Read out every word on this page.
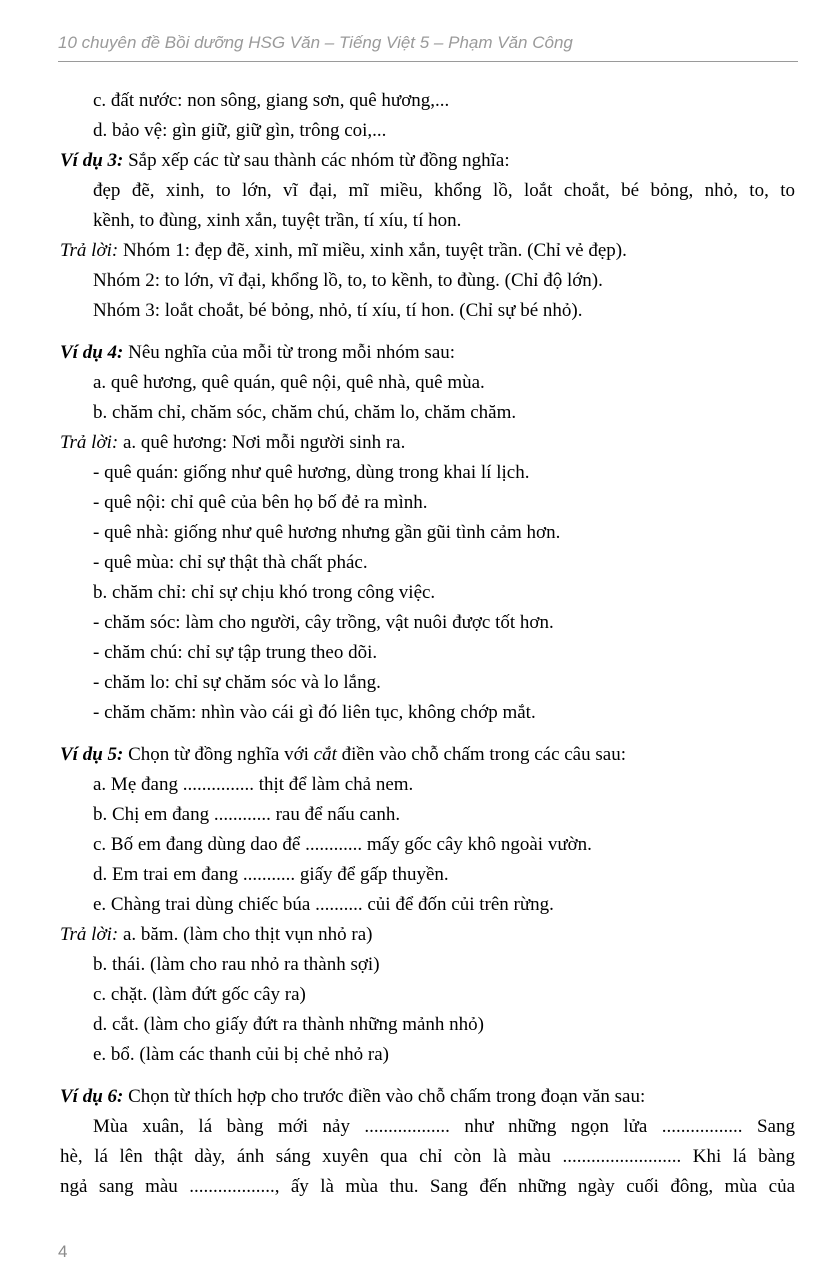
10 chuyên đề Bồi dưỡng HSG Văn – Tiếng Việt 5 – Phạm Văn Công
c. đất nước: non sông, giang sơn, quê hương,...
d. bảo vệ: gìn giữ, giữ gìn, trông coi,...
Ví dụ 3: Sắp xếp các từ sau thành các nhóm từ đồng nghĩa:
đẹp đẽ, xinh, to lớn, vĩ đại, mĩ miều, khổng lồ, loắt choắt, bé bỏng, nhỏ, to, to
kềnh, to đùng, xinh xắn, tuyệt trần, tí xíu, tí hon.
Trả lời: Nhóm 1: đẹp đẽ, xinh, mĩ miều, xinh xắn, tuyệt trần. (Chỉ vẻ đẹp).
Nhóm 2: to lớn, vĩ đại, khổng lồ, to, to kềnh, to đùng. (Chỉ độ lớn).
Nhóm 3: loắt choắt, bé bỏng, nhỏ, tí xíu, tí hon. (Chỉ sự bé nhỏ).
Ví dụ 4: Nêu nghĩa của mỗi từ trong mỗi nhóm sau:
a. quê hương, quê quán, quê nội, quê nhà, quê mùa.
b. chăm chỉ, chăm sóc, chăm chú, chăm lo, chăm chăm.
Trả lời: a. quê hương: Nơi mỗi người sinh ra.
- quê quán: giống như quê hương, dùng trong khai lí lịch.
- quê nội: chỉ quê của bên họ bố đẻ ra mình.
- quê nhà: giống như quê hương nhưng gần gũi tình cảm hơn.
- quê mùa: chỉ sự thật thà chất phác.
b. chăm chỉ: chỉ sự chịu khó trong công việc.
- chăm sóc: làm cho người, cây trồng, vật nuôi được tốt hơn.
- chăm chú: chỉ sự tập trung theo dõi.
- chăm lo: chỉ sự chăm sóc và lo lắng.
- chăm chăm: nhìn vào cái gì đó liên tục, không chớp mắt.
Ví dụ 5: Chọn từ đồng nghĩa với cắt điền vào chỗ chấm trong các câu sau:
a. Mẹ đang ............... thịt để làm chả nem.
b. Chị em đang ............ rau để nấu canh.
c. Bố em đang dùng dao để ............ mấy gốc cây khô ngoài vườn.
d. Em trai em đang ........... giấy để gấp thuyền.
e. Chàng trai dùng chiếc búa .......... củi để đốn củi trên rừng.
Trả lời: a. băm. (làm cho thịt vụn nhỏ ra)
b. thái. (làm cho rau nhỏ ra thành sợi)
c. chặt. (làm đứt gốc cây ra)
d. cắt. (làm cho giấy đứt ra thành những mảnh nhỏ)
e. bổ. (làm các thanh củi bị chẻ nhỏ ra)
Ví dụ 6: Chọn từ thích hợp cho trước điền vào chỗ chấm trong đoạn văn sau:
Mùa xuân, lá bàng mới nảy .................. như những ngọn lửa ................. Sang
hè, lá lên thật dày, ánh sáng xuyên qua chỉ còn là màu ......................... Khi lá bàng
ngả sang màu .................., ấy là mùa thu. Sang đến những ngày cuối đông, mùa của
4
